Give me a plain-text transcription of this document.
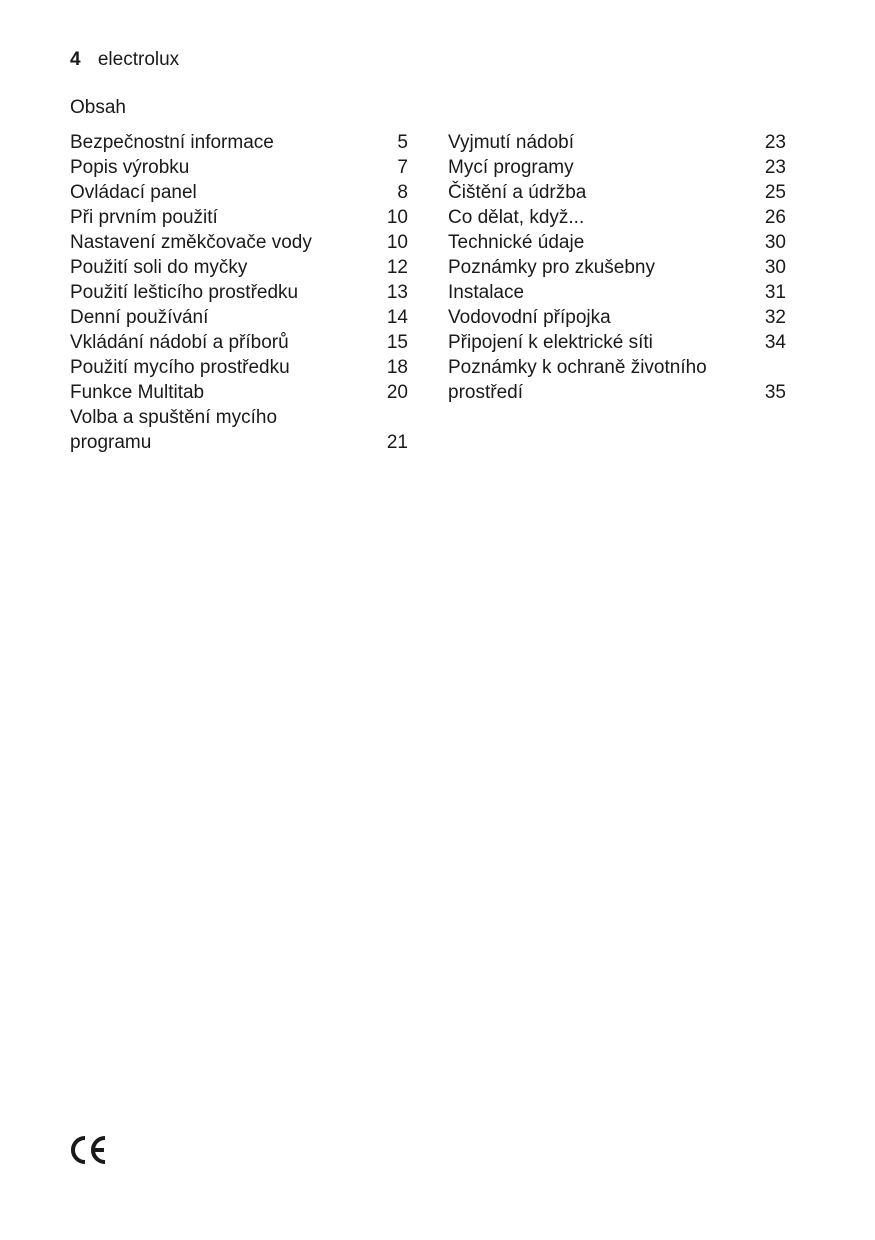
4 electrolux
Obsah
Bezpečnostní informace	5
Popis výrobku	7
Ovládací panel	8
Při prvním použití	10
Nastavení změkčovače vody	10
Použití soli do myčky	12
Použití lešticího prostředku	13
Denní používání	14
Vkládání nádobí a příborů	15
Použití mycího prostředku	18
Funkce Multitab	20
Volba a spuštění mycího programu	21
Vyjmutí nádobí	23
Mycí programy	23
Čištění a údržba	25
Co dělat, když...	26
Technické údaje	30
Poznámky pro zkušebny	30
Instalace	31
Vodovodní přípojka	32
Připojení k elektrické síti	34
Poznámky k ochraně životního prostředí	35
